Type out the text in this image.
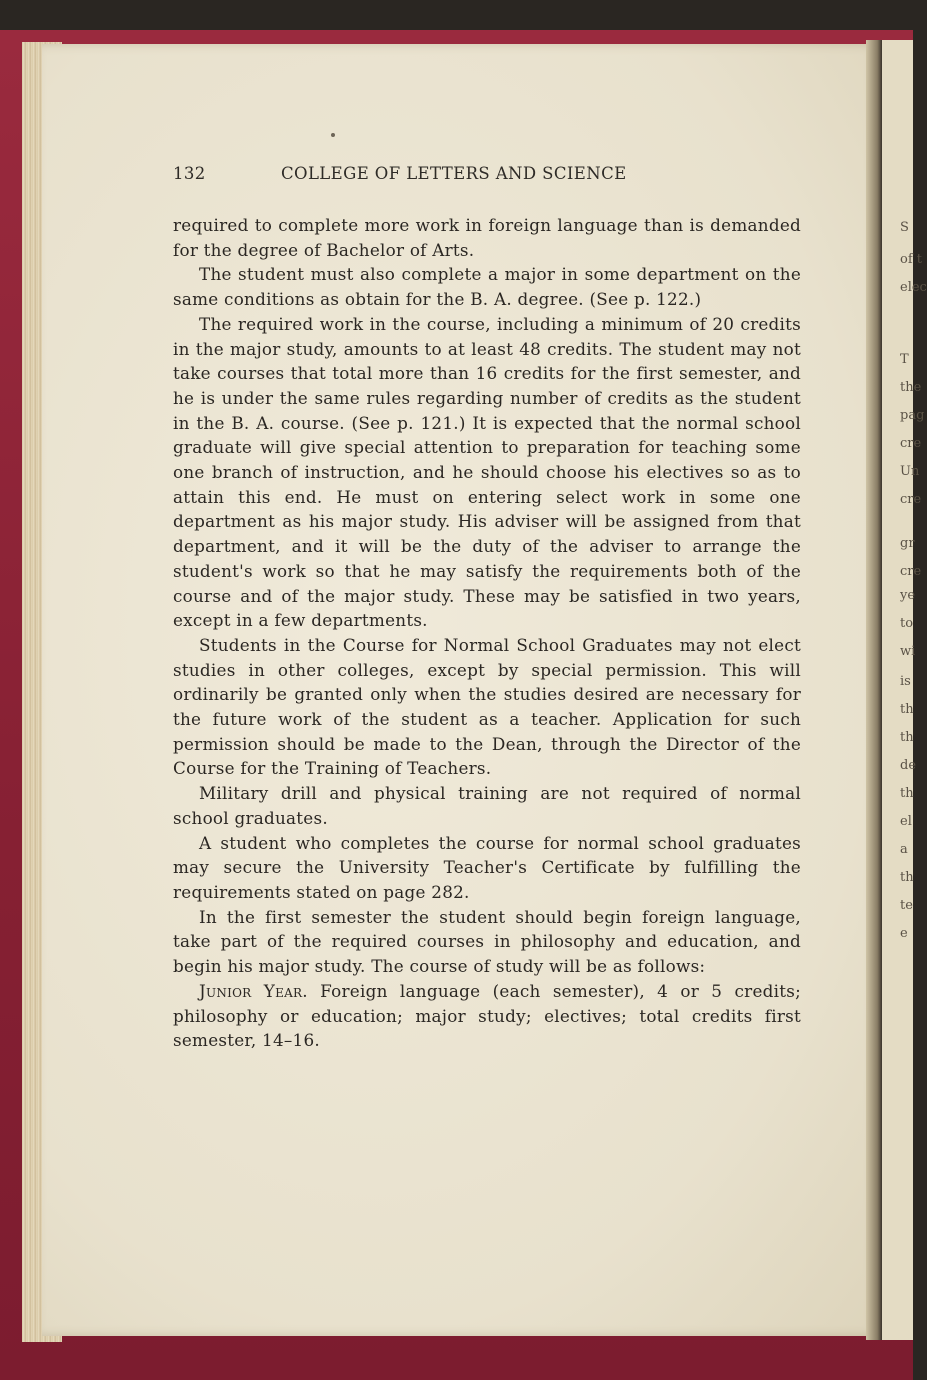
S
of t
elec
T
the
pag
cre
Un
cre
gr
cre
ye
to
wi
is
th
th
de
th
el
a
th
te
e
132	COLLEGE OF LETTERS AND SCIENCE

required to complete more work in foreign language than is demanded for the degree of Bachelor of Arts.

The student must also complete a major in some department on the same conditions as obtain for the B. A. degree. (See p. 122.)

The required work in the course, including a minimum of 20 credits in the major study, amounts to at least 48 credits. The student may not take courses that total more than 16 credits for the first semester, and he is under the same rules regarding number of credits as the student in the B. A. course. (See p. 121.) It is expected that the normal school graduate will give special attention to preparation for teaching some one branch of instruction, and he should choose his electives so as to attain this end. He must on entering select work in some one department as his major study. His adviser will be assigned from that department, and it will be the duty of the adviser to arrange the student's work so that he may satisfy the requirements both of the course and of the major study. These may be satisfied in two years, except in a few departments.

Students in the Course for Normal School Graduates may not elect studies in other colleges, except by special permission. This will ordinarily be granted only when the studies desired are necessary for the future work of the student as a teacher. Application for such permission should be made to the Dean, through the Director of the Course for the Training of Teachers.

Military drill and physical training are not required of normal school graduates.

A student who completes the course for normal school graduates may secure the University Teacher's Certificate by fulfilling the requirements stated on page 282.

In the first semester the student should begin foreign language, take part of the required courses in philosophy and education, and begin his major study. The course of study will be as follows:

Junior Year. Foreign language (each semester), 4 or 5 credits; philosophy or education; major study; electives; total credits first semester, 14–16.
